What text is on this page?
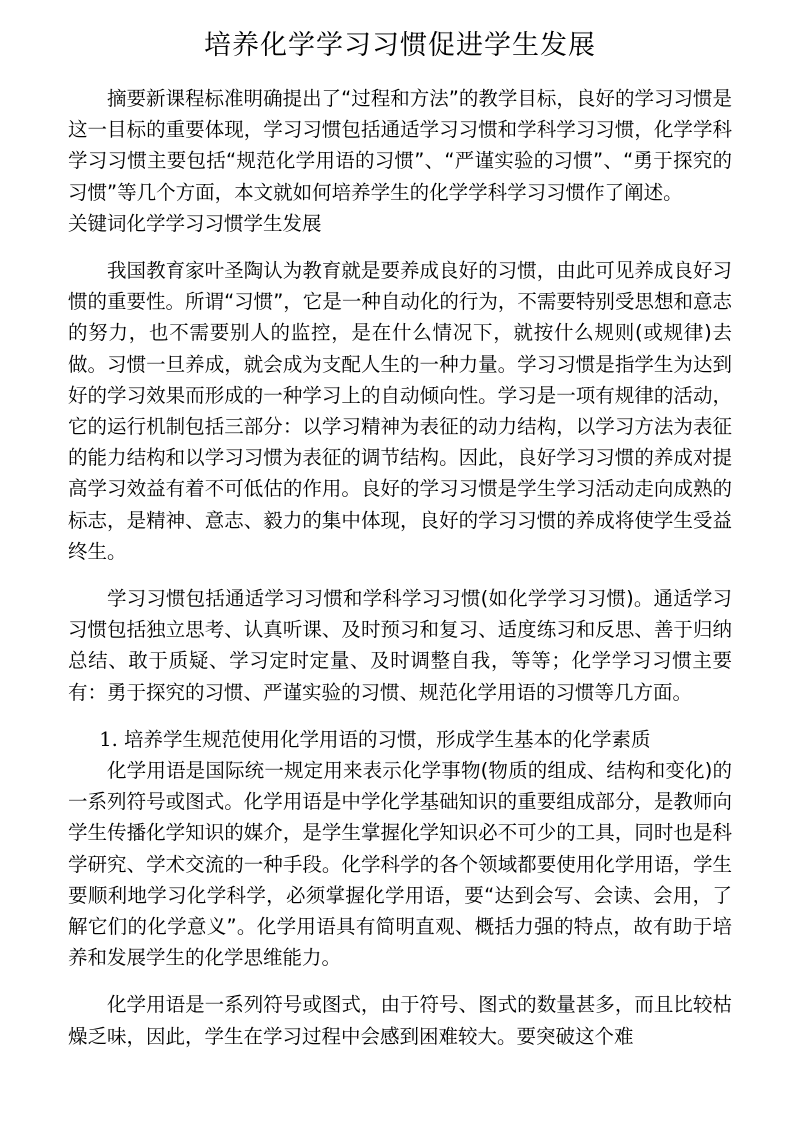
培养化学学习习惯促进学生发展

摘要新课程标准明确提出了“过程和方法”的教学目标，良好的学习习惯是这一目标的重要体现，学习习惯包括通适学习习惯和学科学习习惯，化学学科学习习惯主要包括“规范化学用语的习惯”、“严谨实验的习惯”、“勇于探究的习惯”等几个方面，本文就如何培养学生的化学学科学习习惯作了阐述。

关键词化学学习习惯学生发展

我国教育家叶圣陶认为教育就是要养成良好的习惯，由此可见养成良好习惯的重要性。所谓“习惯”，它是一种自动化的行为，不需要特别受思想和意志的努力，也不需要别人的监控，是在什么情况下，就按什么规则(或规律)去做。习惯一旦养成，就会成为支配人生的一种力量。学习习惯是指学生为达到好的学习效果而形成的一种学习上的自动倾向性。学习是一项有规律的活动，它的运行机制包括三部分：以学习精神为表征的动力结构，以学习方法为表征的能力结构和以学习习惯为表征的调节结构。因此，良好学习习惯的养成对提高学习效益有着不可低估的作用。良好的学习习惯是学生学习活动走向成熟的标志，是精神、意志、毅力的集中体现，良好的学习习惯的养成将使学生受益终生。

学习习惯包括通适学习习惯和学科学习习惯(如化学学习习惯)。通适学习习惯包括独立思考、认真听课、及时预习和复习、适度练习和反思、善于归纳总结、敢于质疑、学习定时定量、及时调整自我，等等；化学学习习惯主要有：勇于探究的习惯、严谨实验的习惯、规范化学用语的习惯等几方面。

1. 培养学生规范使用化学用语的习惯，形成学生基本的化学素质

化学用语是国际统一规定用来表示化学事物(物质的组成、结构和变化)的一系列符号或图式。化学用语是中学化学基础知识的重要组成部分，是教师向学生传播化学知识的媒介，是学生掌握化学知识必不可少的工具，同时也是科学研究、学术交流的一种手段。化学科学的各个领域都要使用化学用语，学生要顺利地学习化学科学，必须掌握化学用语，要“达到会写、会读、会用，了解它们的化学意义”。化学用语具有简明直观、概括力强的特点，故有助于培养和发展学生的化学思维能力。

化学用语是一系列符号或图式，由于符号、图式的数量甚多，而且比较枯燥乏味，因此，学生在学习过程中会感到困难较大。要突破这个难
